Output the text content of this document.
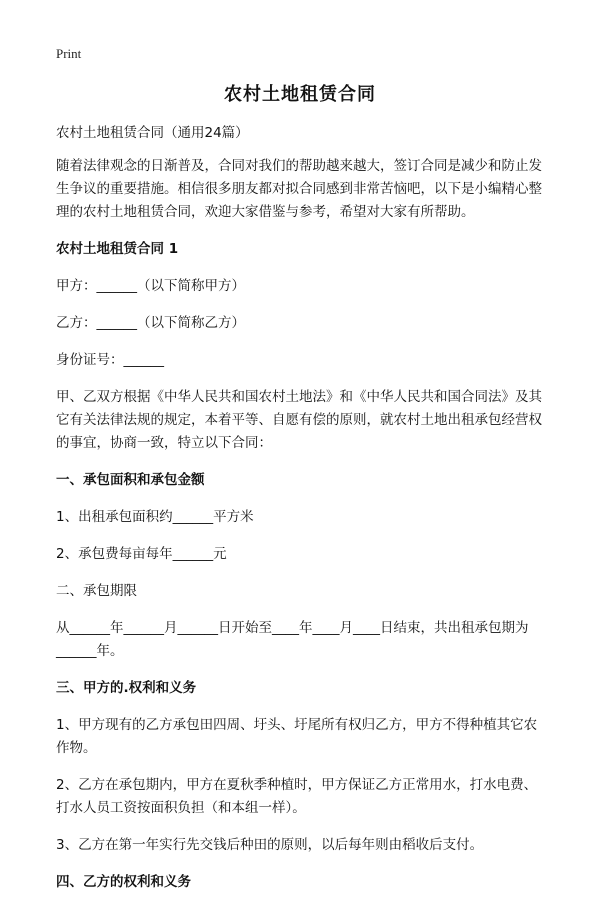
Print
农村土地租赁合同

农村土地租赁合同（通用24篇）

随着法律观念的日渐普及，合同对我们的帮助越来越大，签订合同是减少和防止发生争议的重要措施。相信很多朋友都对拟合同感到非常苦恼吧，以下是小编精心整理的农村土地租赁合同，欢迎大家借鉴与参考，希望对大家有所帮助。

农村土地租赁合同 1

甲方：______（以下简称甲方）

乙方：______（以下简称乙方）

身份证号：______

甲、乙双方根据《中华人民共和国农村土地法》和《中华人民共和国合同法》及其它有关法律法规的规定，本着平等、自愿有偿的原则，就农村土地出租承包经营权的事宜，协商一致，特立以下合同：

一、承包面积和承包金额

1、出租承包面积约______平方米

2、承包费每亩每年______元

二、承包期限

从______年______月______日开始至____年____月____日结束，共出租承包期为______年。

三、甲方的.权利和义务

1、甲方现有的乙方承包田四周、圩头、圩尾所有权归乙方，甲方不得种植其它农作物。

2、乙方在承包期内，甲方在夏秋季种植时，甲方保证乙方正常用水，打水电费、打水人员工资按面积负担（和本组一样）。

3、乙方在第一年实行先交钱后种田的原则，以后每年则由稻收后支付。

四、乙方的权利和义务
